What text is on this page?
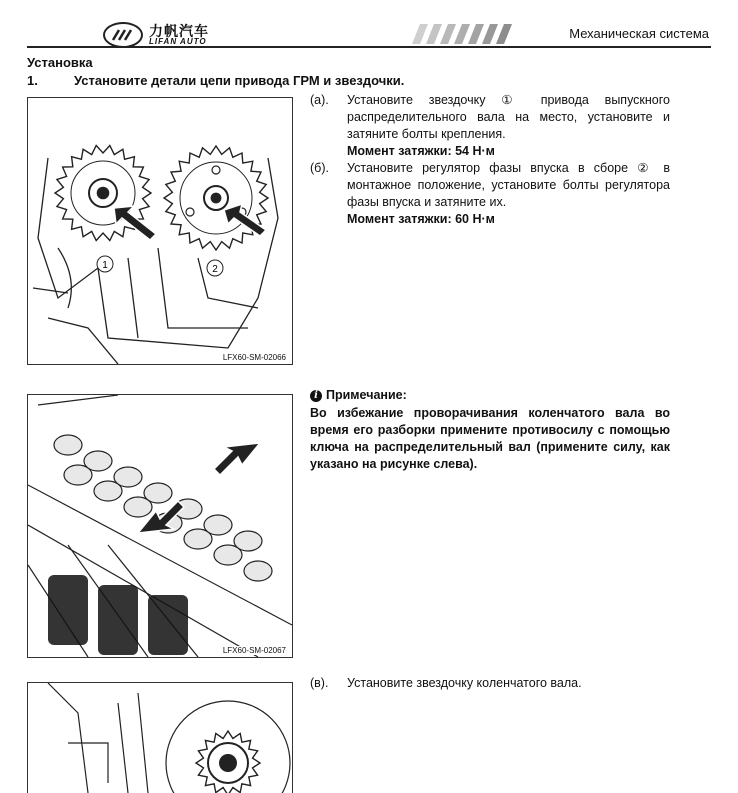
力帆汽车
LIFAN AUTO
Механическая система
Установка
1.	Установите детали цепи привода ГРМ и звездочки.
1	2
LFX60-SM-02066
(а). Установите звездочку ① привода выпускного распределительного вала на место, установите и затяните болты крепления.
Момент затяжки: 54 Н·м
(б). Установите регулятор фазы впуска в сборе ② в монтажное положение, установите болты регулятора фазы впуска и затяните их.
Момент затяжки: 60 Н·м
LFX60-SM-02067
i Примечание:
Во избежание проворачивания коленчатого вала во время его разборки примените противосилу с помощью ключа на распределительный вал (примените силу, как указано на рисунке слева).
(в). Установите звездочку коленчатого вала.
